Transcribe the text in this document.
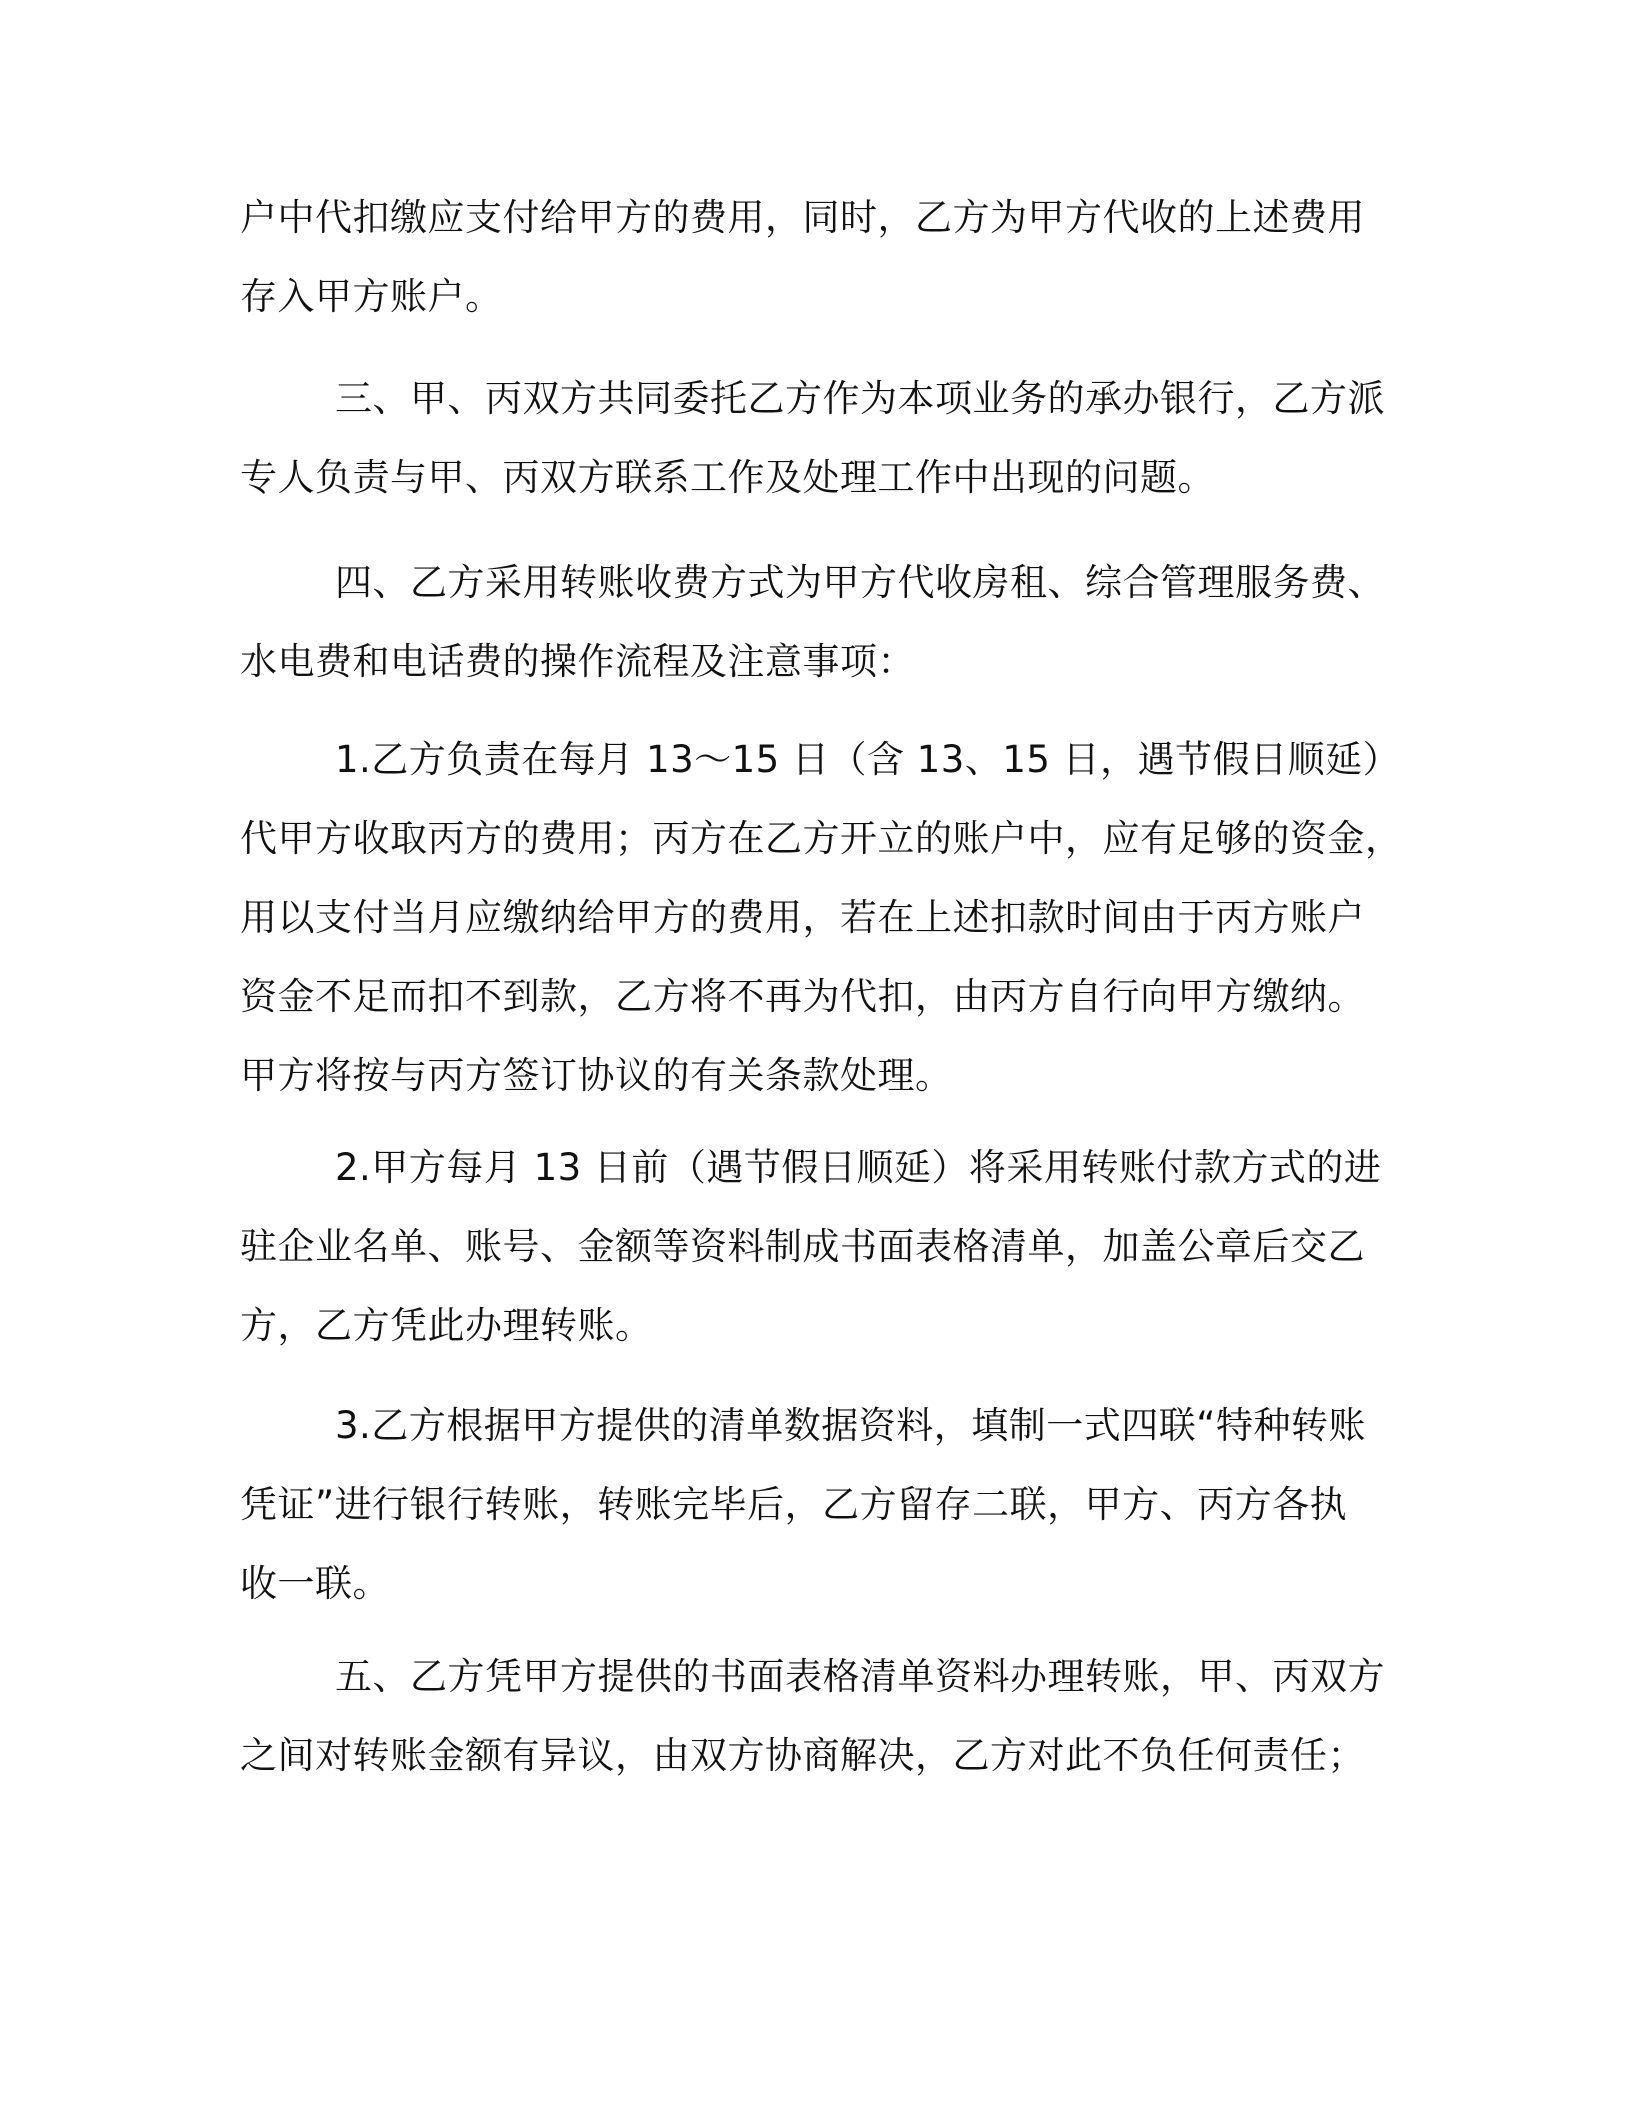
户中代扣缴应支付给甲方的费用，同时，乙方为甲方代收的上述费用
存入甲方账户。
三、甲、丙双方共同委托乙方作为本项业务的承办银行，乙方派
专人负责与甲、丙双方联系工作及处理工作中出现的问题。
四、乙方采用转账收费方式为甲方代收房租、综合管理服务费、
水电费和电话费的操作流程及注意事项：
1.乙方负责在每月 13～15 日（含 13、15 日，遇节假日顺延）
代甲方收取丙方的费用；丙方在乙方开立的账户中，应有足够的资金，
用以支付当月应缴纳给甲方的费用，若在上述扣款时间由于丙方账户
资金不足而扣不到款，乙方将不再为代扣，由丙方自行向甲方缴纳。
甲方将按与丙方签订协议的有关条款处理。
2.甲方每月 13 日前（遇节假日顺延）将采用转账付款方式的进
驻企业名单、账号、金额等资料制成书面表格清单，加盖公章后交乙
方，乙方凭此办理转账。
3.乙方根据甲方提供的清单数据资料，填制一式四联“特种转账
凭证”进行银行转账，转账完毕后，乙方留存二联，甲方、丙方各执
收一联。
五、乙方凭甲方提供的书面表格清单资料办理转账，甲、丙双方
之间对转账金额有异议，由双方协商解决，乙方对此不负任何责任；
